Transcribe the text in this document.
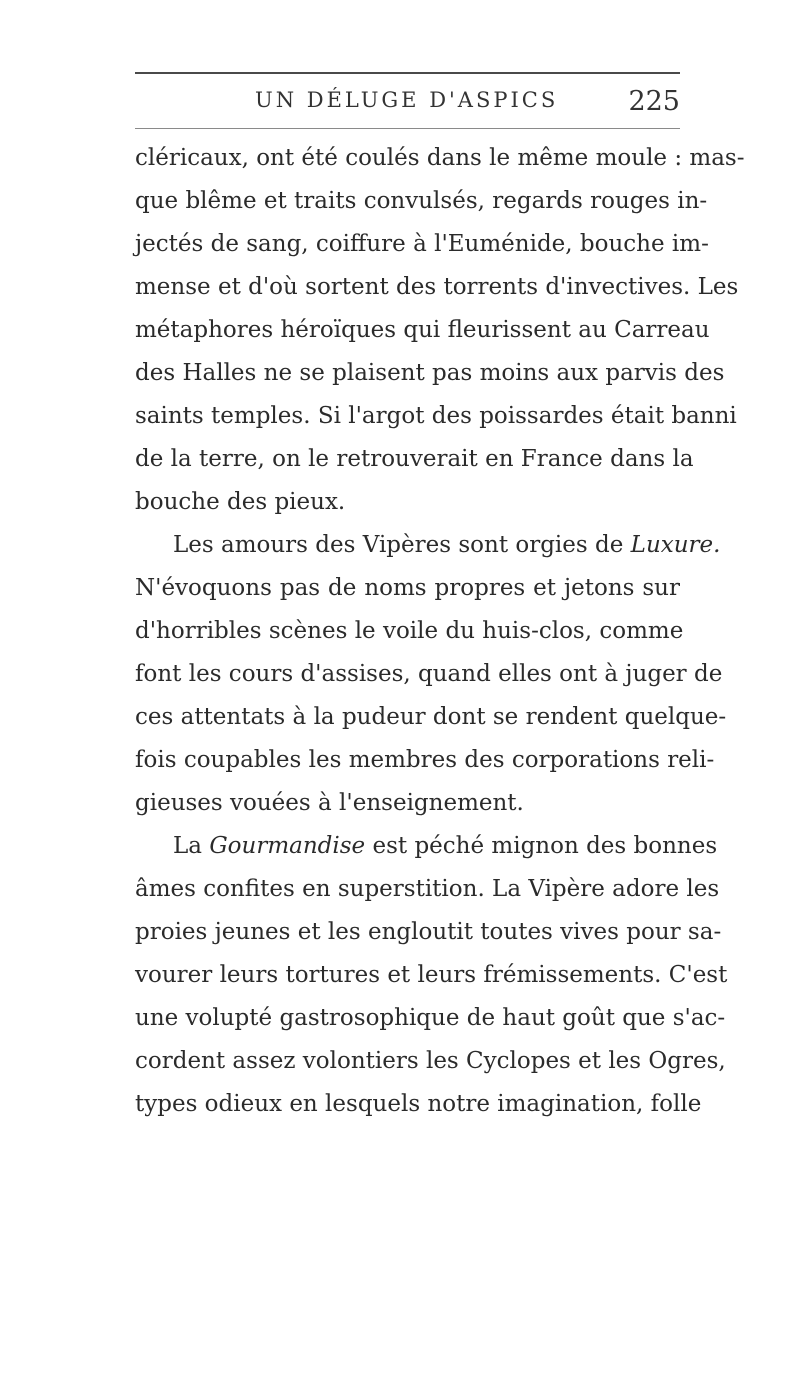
UN DÉLUGE D'ASPICS	225
cléricaux, ont été coulés dans le même moule : mas-
que blême et traits convulsés, regards rouges in-
jectés de sang, coiffure à l'Euménide, bouche im-
mense et d'où sortent des torrents d'invectives. Les
métaphores héroïques qui fleurissent au Carreau
des Halles ne se plaisent pas moins aux parvis des
saints temples. Si l'argot des poissardes était banni
de la terre, on le retrouverait en France dans la
bouche des pieux.
Les amours des Vipères sont orgies de Luxure.
N'évoquons pas de noms propres et jetons sur
d'horribles scènes le voile du huis-clos, comme
font les cours d'assises, quand elles ont à juger de
ces attentats à la pudeur dont se rendent quelque-
fois coupables les membres des corporations reli-
gieuses vouées à l'enseignement.
La Gourmandise est péché mignon des bonnes
âmes confites en superstition. La Vipère adore les
proies jeunes et les engloutit toutes vives pour sa-
vourer leurs tortures et leurs frémissements. C'est
une volupté gastrosophique de haut goût que s'ac-
cordent assez volontiers les Cyclopes et les Ogres,
types odieux en lesquels notre imagination, folle
